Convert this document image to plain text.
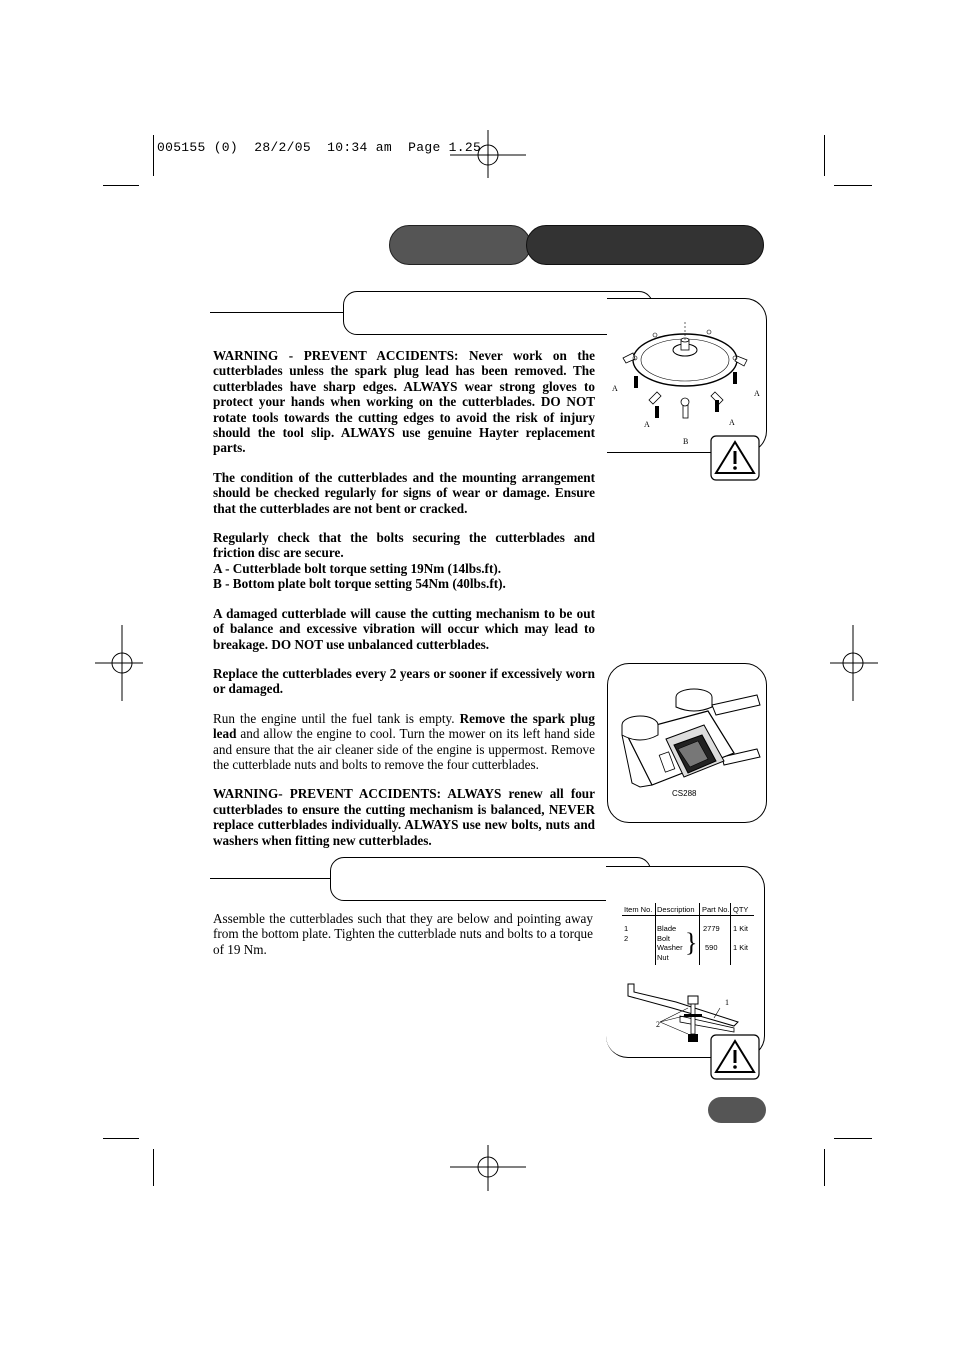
005155 (0)  28/2/05  10:34 am  Page 1.25
A
A
A	A
B

WARNING - PREVENT ACCIDENTS: Never work on the cutterblades unless the spark plug lead has been removed. The cutterblades have sharp edges. ALWAYS wear strong gloves to protect your hands when working on the cutterblades. DO NOT rotate tools towards the cutting edges to avoid the risk of injury should the tool slip. ALWAYS use genuine Hayter replacement parts.

The condition of the cutterblades and the mounting arrangement should be checked regularly for signs of wear or damage. Ensure that the cutterblades are not bent or cracked.

Regularly check that the bolts securing the cutterblades and friction disc are secure.

A - Cutterblade bolt torque setting 19Nm (14lbs.ft).

B - Bottom plate bolt torque setting 54Nm (40lbs.ft).

A damaged cutterblade will cause the cutting mechanism to be out of balance and excessive vibration will occur which may lead to breakage. DO NOT use unbalanced cutterblades.

Replace the cutterblades every 2 years or sooner if excessively worn or damaged.

Run the engine until the fuel tank is empty. Remove the spark plug lead and allow the engine to cool. Turn the mower on its left hand side and ensure that the air cleaner side of the engine is uppermost. Remove the cutterblade nuts and bolts to remove the four cutterblades.

WARNING- PREVENT ACCIDENTS: ALWAYS renew all four cutterblades to ensure the cutting mechanism is balanced, NEVER replace cutterblades individually. ALWAYS use new bolts, nuts and washers when fitting new cutterblades.

CS288

Assemble the cutterblades such that they are below and pointing away from the bottom plate. Tighten the cutterblade nuts and bolts to a torque of 19 Nm.

Item No. Description Part No. QTY
1
2
Blade
Bolt
Washer
Nut
} 2779
590
1 Kit
1 Kit
1
2
